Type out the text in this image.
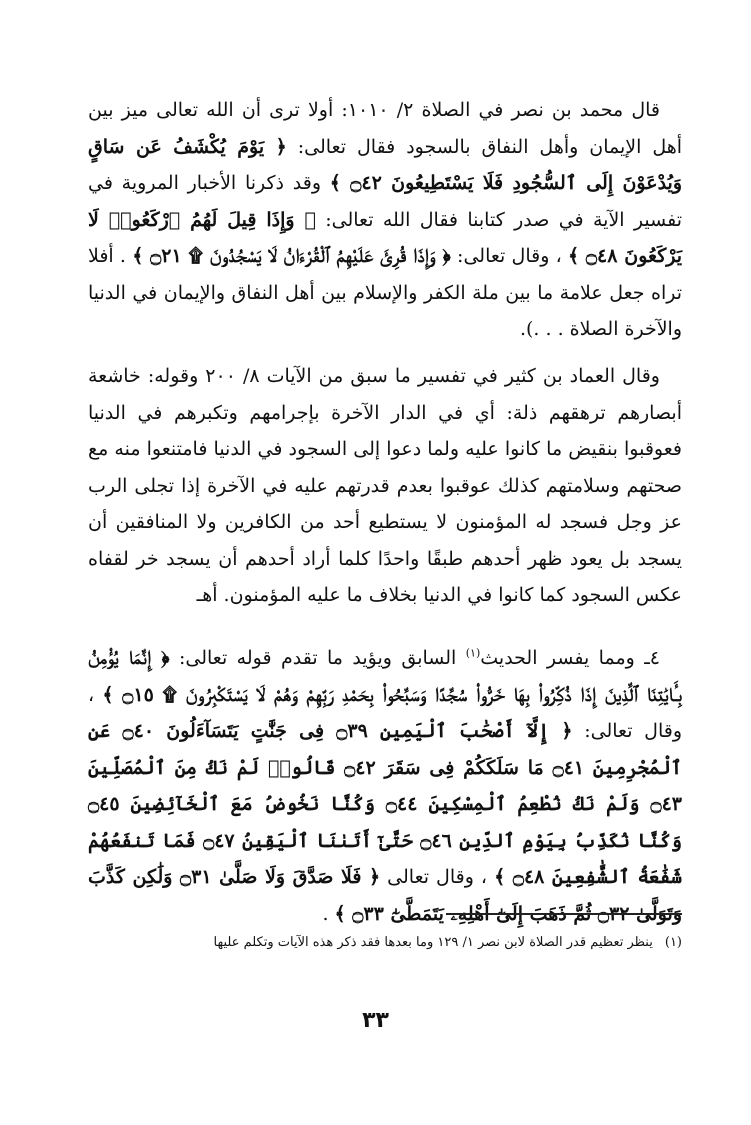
قال محمد بن نصر في الصلاة ٢/ ١٠١٠: أولا ترى أن الله تعالى ميز بين أهل الإيمان وأهل النفاق بالسجود فقال تعالى: ﴿ يَوْمَ يُكْشَفُ عَن سَاقٍ وَيُدْعَوْنَ إِلَى ٱلسُّجُودِ فَلَا يَسْتَطِيعُونَ ۝٤٢ ﴾ وقد ذكرنا الأخبار المروية في تفسير الآية في صدر كتابنا فقال الله تعالى: ﴿ وَإِذَا قِيلَ لَهُمُ ٱرْكَعُوا۟ لَا يَرْكَعُونَ ۝٤٨ ﴾ ، وقال تعالى: ﴿ وَإِذَا قُرِئَ عَلَيْهِمُ ٱلْقُرْءَانُ لَا يَسْجُدُونَ ۩ ۝٢١ ﴾ . أفلا تراه جعل علامة ما بين ملة الكفر والإسلام بين أهل النفاق والإيمان في الدنيا والآخرة الصلاة . . .).

وقال العماد بن كثير في تفسير ما سبق من الآيات ٨/ ٢٠٠ وقوله: خاشعة أبصارهم ترهقهم ذلة: أي في الدار الآخرة بإجرامهم وتكبرهم في الدنيا فعوقبوا بنقيض ما كانوا عليه ولما دعوا إلى السجود في الدنيا فامتنعوا منه مع صحتهم وسلامتهم كذلك عوقبوا بعدم قدرتهم عليه في الآخرة إذا تجلى الرب عز وجل فسجد له المؤمنون لا يستطيع أحد من الكافرين ولا المنافقين أن يسجد بل يعود ظهر أحدهم طبقًا واحدًا كلما أراد أحدهم أن يسجد خر لقفاه عكس السجود كما كانوا في الدنيا بخلاف ما عليه المؤمنون. أهـ

٤ـ ومما يفسر الحديث$^{(١)}$ السابق ويؤيد ما تقدم قوله تعالى: ﴿ إِنَّمَا يُؤْمِنُ بِـَٔايَٰتِنَا ٱلَّذِينَ إِذَا ذُكِّرُوا۟ بِهَا خَرُّوا۟ سُجَّدًا وَسَبَّحُوا۟ بِحَمْدِ رَبِّهِمْ وَهُمْ لَا يَسْتَكْبِرُونَ ۩ ۝١٥ ﴾ ، وقال تعالى: ﴿ إِلَّآ أَصْحَٰبَ ٱلْيَمِينِ ۝٣٩ فِى جَنَّٰتٍ يَتَسَآءَلُونَ ۝٤٠ عَنِ ٱلْمُجْرِمِينَ ۝٤١ مَا سَلَكَكُمْ فِى سَقَرَ ۝٤٢ قَالُوا۟ لَمْ نَكُ مِنَ ٱلْمُصَلِّينَ ۝٤٣ وَلَمْ نَكُ نُطْعِمُ ٱلْمِسْكِينَ ۝٤٤ وَكُنَّا نَخُوضُ مَعَ ٱلْخَآئِضِينَ ۝٤٥ وَكُنَّا نُكَذِّبُ بِيَوْمِ ٱلدِّينِ ۝٤٦ حَتَّىٰٓ أَتَىٰنَا ٱلْيَقِينُ ۝٤٧ فَمَا تَنفَعُهُمْ شَفَٰعَةُ ٱلشَّٰفِعِينَ ۝٤٨ ﴾ ، وقال تعالى ﴿ فَلَا صَدَّقَ وَلَا صَلَّىٰ ۝٣١ وَلَٰكِن كَذَّبَ وَتَوَلَّىٰ ۝٣٢ ثُمَّ ذَهَبَ إِلَىٰٓ أَهْلِهِۦ يَتَمَطَّىٰٓ ۝٣٣ ﴾ .

(١)ينظر تعظيم قدر الصلاة لابن نصر ١/ ١٢٩ وما بعدها فقد ذكر هذه الآيات وتكلم عليها
٣٣
